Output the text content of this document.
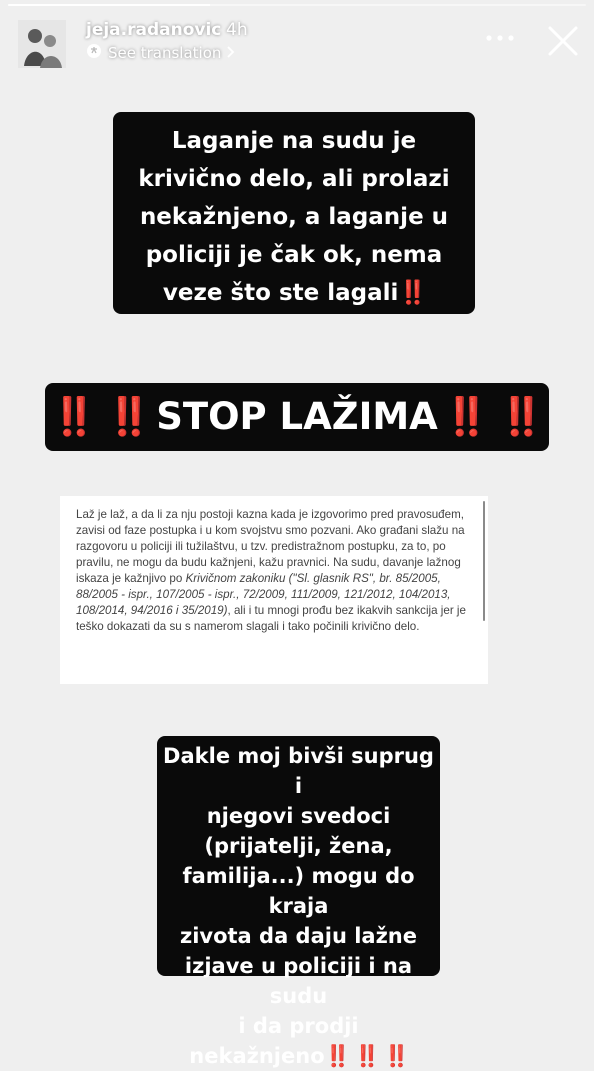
jeja.radanovic 4h
See translation
Laganje na sudu je
krivično delo, ali prolazi
nekažnjeno, a laganje u
policiji je čak ok, nema
veze što ste lagali‼️
‼️ ‼️ STOP LAŽIMA ‼️ ‼️

Laž je laž, a da li za nju postoji kazna kada je izgovorimo pred pravosuđem, zavisi od faze postupka i u kom svojstvu smo pozvani. Ako građani slažu na razgovoru u policiji ili tužilaštvu, u tzv. predistražnom postupku, za to, po pravilu, ne mogu da budu kažnjeni, kažu pravnici. Na sudu, davanje lažnog iskaza je kažnjivo po Krivičnom zakoniku ("Sl. glasnik RS", br. 85/2005, 88/2005 - ispr., 107/2005 - ispr., 72/2009, 111/2009, 121/2012, 104/2013, 108/2014, 94/2016 i 35/2019), ali i tu mnogi prođu bez ikakvih sankcija jer je teško dokazati da su s namerom slagali i tako počinili krivično delo.

Dakle moj bivši suprug i
njegovi svedoci
(prijatelji, žena,
familija...) mogu do kraja
zivota da daju lažne
izjave u policiji i na sudu
i da prodji
nekažnjeno‼️ ‼️ ‼️
